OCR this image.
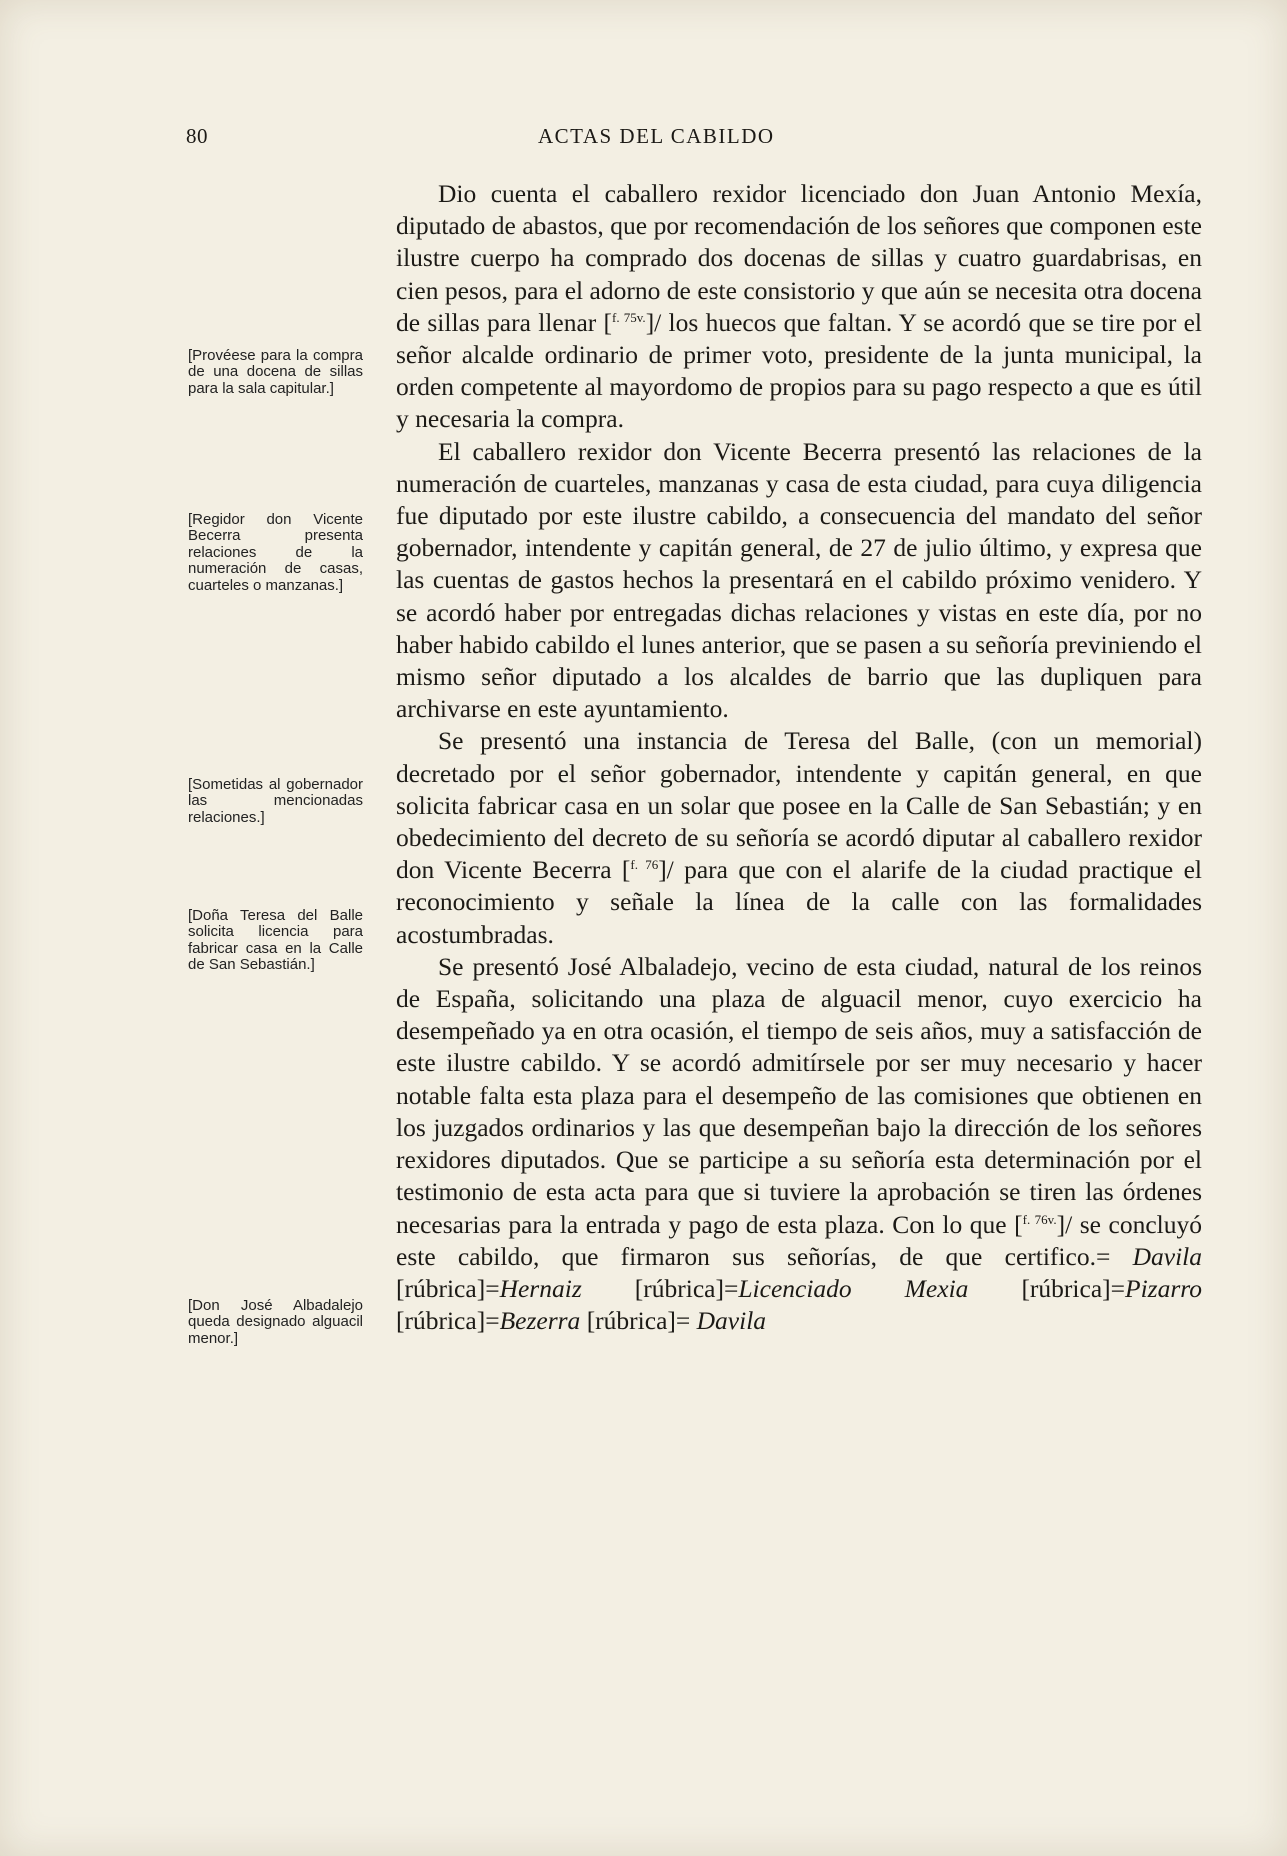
80	ACTAS DEL CABILDO
[Provéese para la compra de una docena de sillas para la sala capitular.]
[Regidor don Vicente Becerra presenta relaciones de la numeración de casas, cuarteles o manzanas.]
[Sometidas al gobernador las mencionadas relaciones.]
[Doña Teresa del Balle solicita licencia para fabricar casa en la Calle de San Sebastián.]
[Don José Albadalejo queda designado alguacil menor.]

Dio cuenta el caballero rexidor licenciado don Juan Antonio Mexía, diputado de abastos, que por recomendación de los señores que componen este ilustre cuerpo ha comprado dos docenas de sillas y cuatro guardabrisas, en cien pesos, para el adorno de este consistorio y que aún se necesita otra docena de sillas para llenar [$^{f. 75v.}$]/ los huecos que faltan. Y se acordó que se tire por el señor alcalde ordinario de primer voto, presidente de la junta municipal, la orden competente al mayordomo de propios para su pago respecto a que es útil y necesaria la compra.

El caballero rexidor don Vicente Becerra presentó las relaciones de la numeración de cuarteles, manzanas y casa de esta ciudad, para cuya diligencia fue diputado por este ilustre cabildo, a consecuencia del mandato del señor gobernador, intendente y capitán general, de 27 de julio último, y expresa que las cuentas de gastos hechos la presentará en el cabildo próximo venidero. Y se acordó haber por entregadas dichas relaciones y vistas en este día, por no haber habido cabildo el lunes anterior, que se pasen a su señoría previniendo el mismo señor diputado a los alcaldes de barrio que las dupliquen para archivarse en este ayuntamiento.

Se presentó una instancia de Teresa del Balle, (con un memorial) decretado por el señor gobernador, intendente y capitán general, en que solicita fabricar casa en un solar que posee en la Calle de San Sebastián; y en obedecimiento del decreto de su señoría se acordó diputar al caballero rexidor don Vicente Becerra [$^{f. 76}$]/ para que con el alarife de la ciudad practique el reconocimiento y señale la línea de la calle con las formalidades acostumbradas.

Se presentó José Albaladejo, vecino de esta ciudad, natural de los reinos de España, solicitando una plaza de alguacil menor, cuyo exercicio ha desempeñado ya en otra ocasión, el tiempo de seis años, muy a satisfacción de este ilustre cabildo. Y se acordó admitírsele por ser muy necesario y hacer notable falta esta plaza para el desempeño de las comisiones que obtienen en los juzgados ordinarios y las que desempeñan bajo la dirección de los señores rexidores diputados. Que se participe a su señoría esta determinación por el testimonio de esta acta para que si tuviere la aprobación se tiren las órdenes necesarias para la entrada y pago de esta plaza. Con lo que [$^{f. 76v.}$]/ se concluyó este cabildo, que firmaron sus señorías, de que certifico.= Davila [rúbrica]=Hernaiz [rúbrica]=Licenciado Mexia [rúbrica]=Pizarro [rúbrica]=Bezerra [rúbrica]= Davila
